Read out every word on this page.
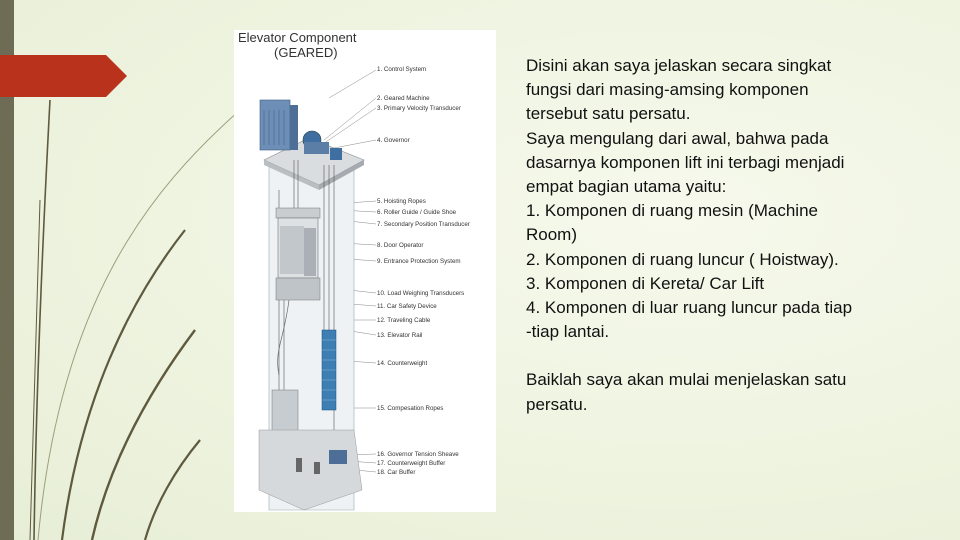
Elevator Component
(GEARED)
1. Control System
2. Geared Machine
3. Primary Velocity Transducer
4. Governor
5. Hoisting Ropes
6. Roller Guide / Guide Shoe
7. Secondary Position Transducer
8. Door Operator
9. Entrance Protection System
10. Load Weighing Transducers
11. Car Safety Device
12. Traveling Cable
13. Elevator Rail
14. Counterweight
15. Compesation Ropes
16. Governor Tension Sheave
17. Counterweight Buffer
18. Car Buffer

Disini akan saya jelaskan secara singkat

fungsi dari masing-amsing komponen

tersebut satu persatu.

Saya mengulang dari awal, bahwa pada

dasarnya komponen lift ini terbagi menjadi

empat bagian utama yaitu:

1. Komponen di ruang mesin (Machine

Room)

2. Komponen di ruang luncur ( Hoistway).

3. Komponen di Kereta/ Car Lift

4. Komponen di luar ruang luncur pada tiap

-tiap lantai.

Baiklah saya akan mulai menjelaskan satu

persatu.
